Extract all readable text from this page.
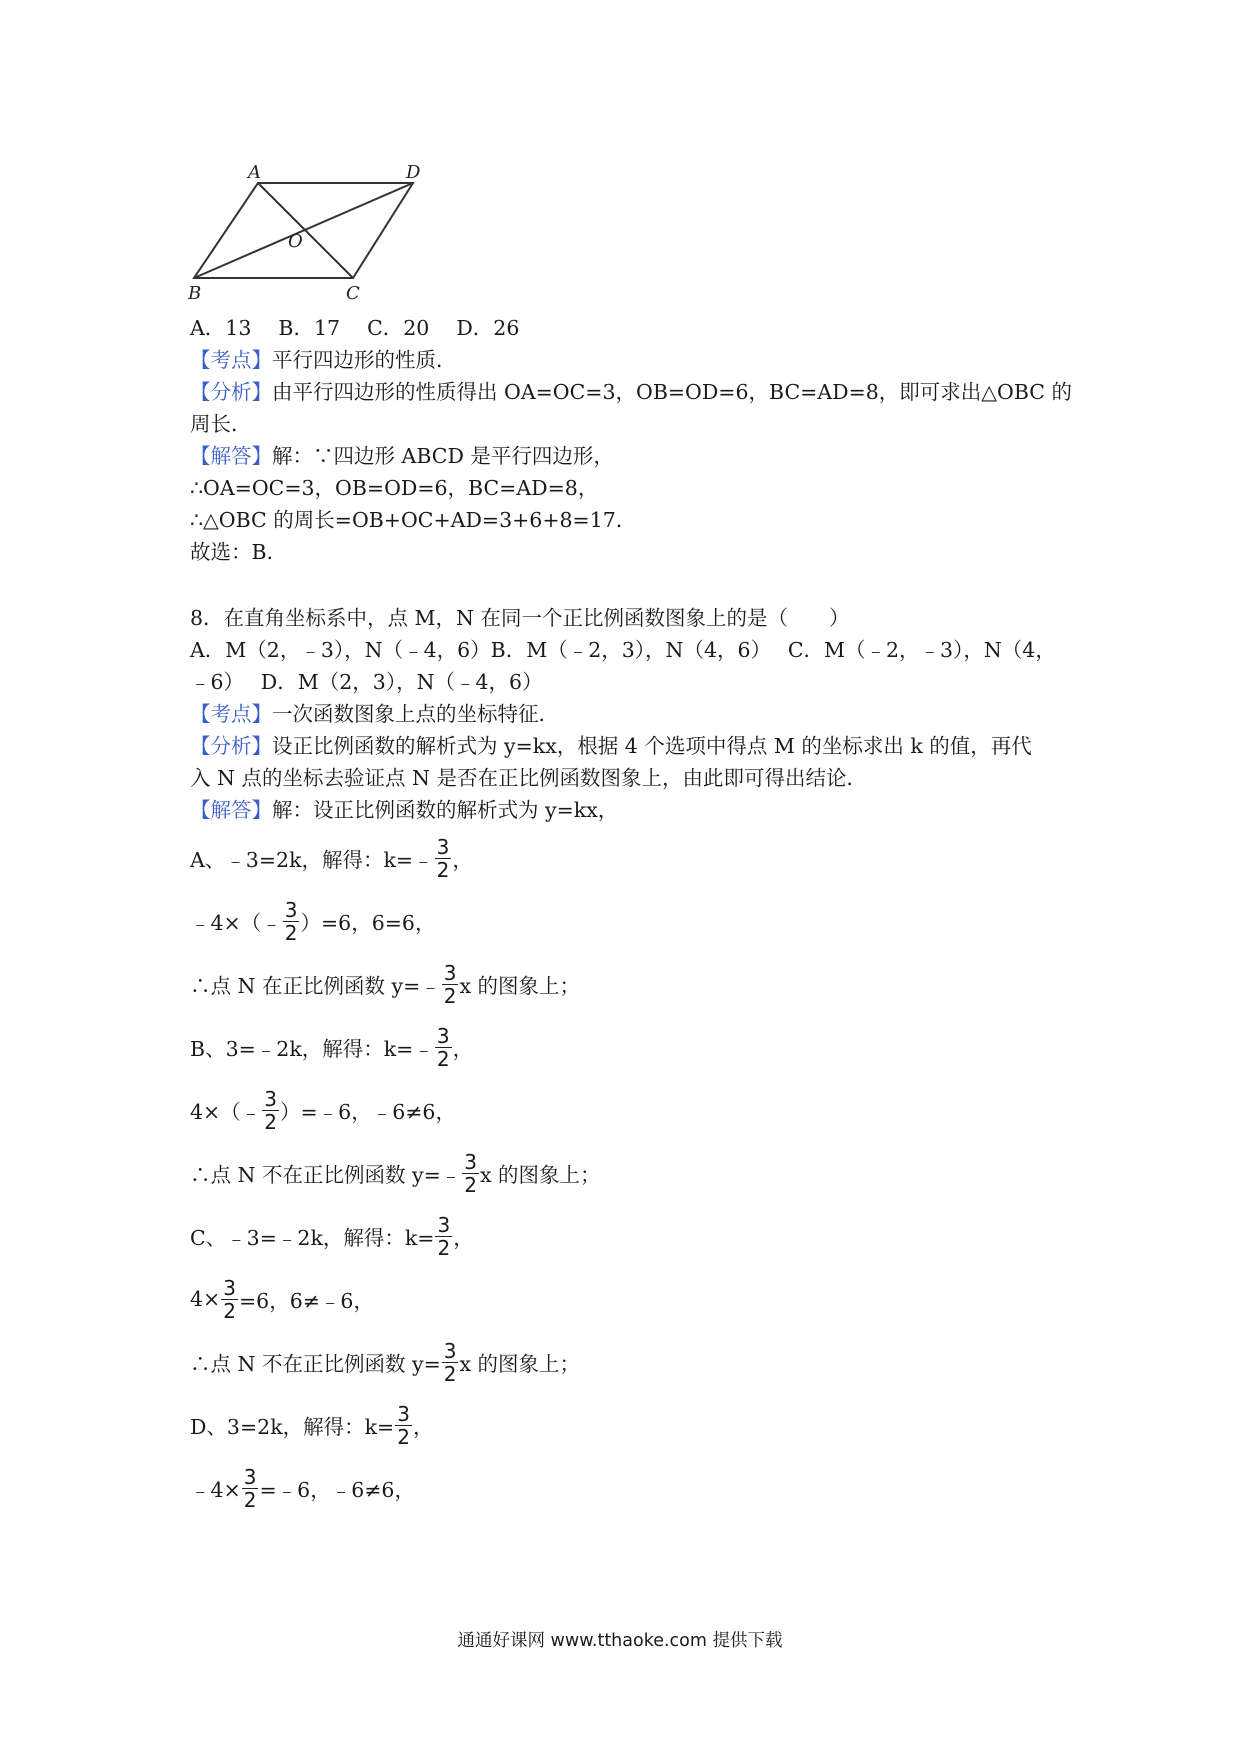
A	D
O
B	C
A．13　 B．17　 C．20　 D．26
【考点】平行四边形的性质．
【分析】由平行四边形的性质得出 OA=OC=3，OB=OD=6，BC=AD=8，即可求出△OBC 的
周长．
【解答】解：∵四边形 ABCD 是平行四边形，
∴OA=OC=3，OB=OD=6，BC=AD=8，
∴△OBC 的周长=OB+OC+AD=3+6+8=17．
故选：B．
8．在直角坐标系中，点 M，N 在同一个正比例函数图象上的是（　　）
A．M（2，﹣3），N（﹣4，6）B．M（﹣2，3），N（4，6）　 C．M（﹣2，﹣3），N（4，
﹣6）　 D．M（2，3），N（﹣4，6）
【考点】一次函数图象上点的坐标特征．
【分析】设正比例函数的解析式为 y=kx，根据 4 个选项中得点 M 的坐标求出 k 的值，再代
入 N 点的坐标去验证点 N 是否在正比例函数图象上，由此即可得出结论．
【解答】解：设正比例函数的解析式为 y=kx，
A、﹣3=2k，解得：k=﹣ $\frac{3}{2}$ ，
﹣4×（﹣ $\frac{3}{2} )=6$，6=6，
∴点 N 在正比例函数 y=﹣ $\frac{3}{2}$ x 的图象上；
B、3=﹣2k，解得：k=﹣ $\frac{3}{2}$ ，
4×（﹣ $\frac{3}{2}$ ）=﹣6，﹣6≠6，
∴点 N 不在正比例函数 y=﹣ $\frac{3}{2}$ x 的图象上；
C、﹣3=﹣2k，解得：$k= \frac{3}{2}$ ，
$4\times \frac{3}{2} =6$，6≠﹣6，
∴点 N 不在正比例函数 $y= \frac{3}{2}$ x 的图象上；
D、3=2k，解得：$k= \frac{3}{2}$ ，
﹣4× $\frac{3}{2}$ =﹣6，﹣6≠6，
通通好课网 www.tthaoke.com 提供下载
